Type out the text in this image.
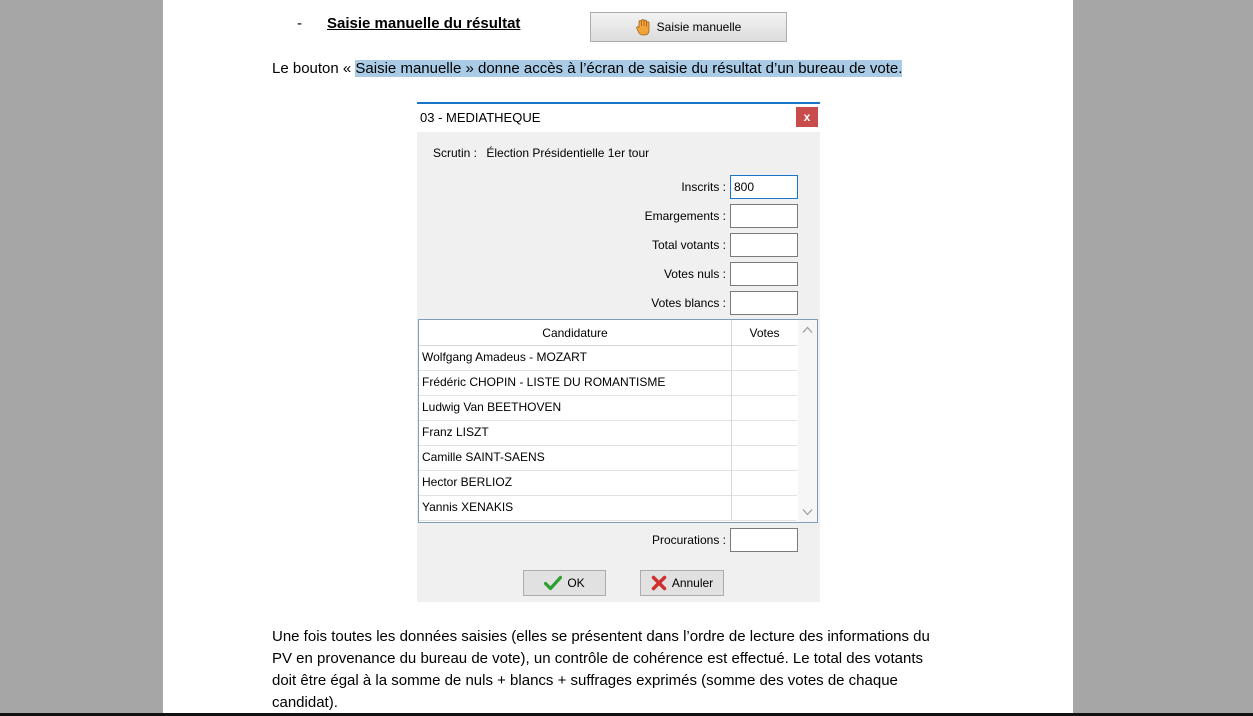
- Saisie manuelle du résultat	Saisie manuelle
Le bouton « Saisie manuelle » donne accès à l’écran de saisie du résultat d’un bureau de vote.
03 - MEDIATHEQUE	x
Scrutin : Élection Présidentielle 1er tour
Inscrits :
800
Emargements :
Total votants :
Votes nuls :
Votes blancs :
Candidature	Votes
Wolfgang Amadeus - MOZART
Frédéric CHOPIN - LISTE DU ROMANTISME
Ludwig Van BEETHOVEN
Franz LISZT
Camille SAINT-SAENS
Hector BERLIOZ
Yannis XENAKIS
Procurations :
OK	Annuler
Une fois toutes les données saisies (elles se présentent dans l’ordre de lecture des informations du
PV en provenance du bureau de vote), un contrôle de cohérence est effectué. Le total des votants
doit être égal à la somme de nuls + blancs + suffrages exprimés (somme des votes de chaque
candidat).
